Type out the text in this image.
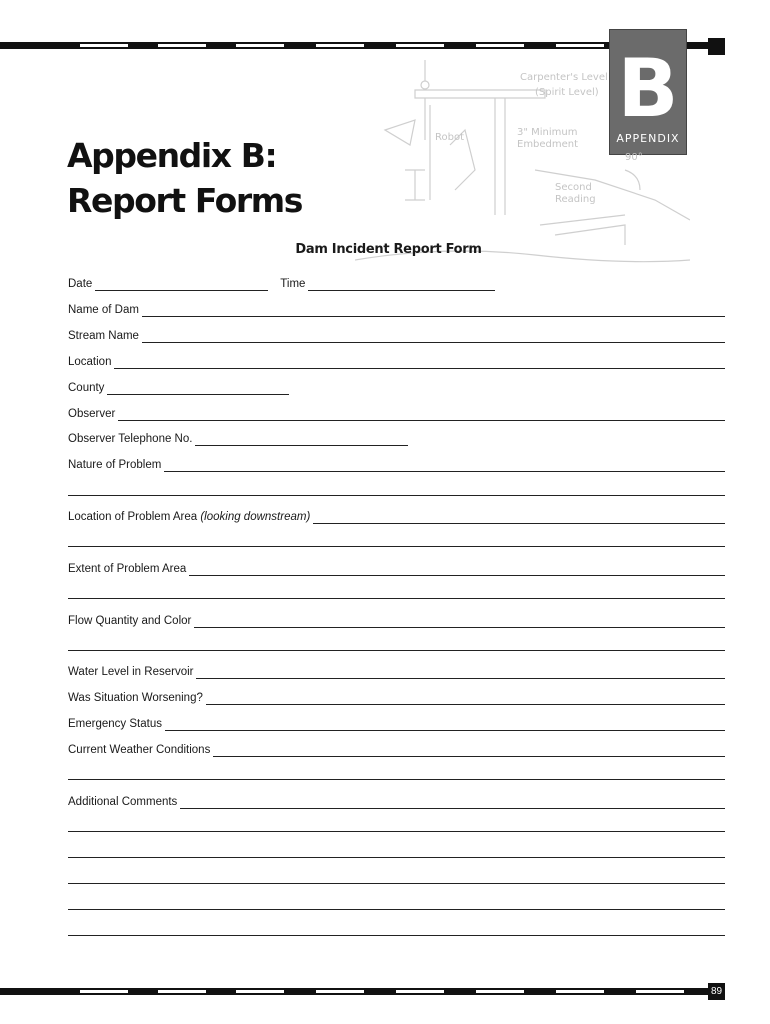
B
APPENDIX
Carpenter's Level
(Spirit Level)
3" Minimum
Embedment
Robot
Second
Reading
90°
Appendix B:
Report Forms
Dam Incident Report Form
Date	Time
Name of Dam
Stream Name
Location
County
Observer
Observer Telephone No.
Nature of Problem
Location of Problem Area (looking downstream)
Extent of Problem Area
Flow Quantity and Color
Water Level in Reservoir
Was Situation Worsening?
Emergency Status
Current Weather Conditions
Additional Comments
89
